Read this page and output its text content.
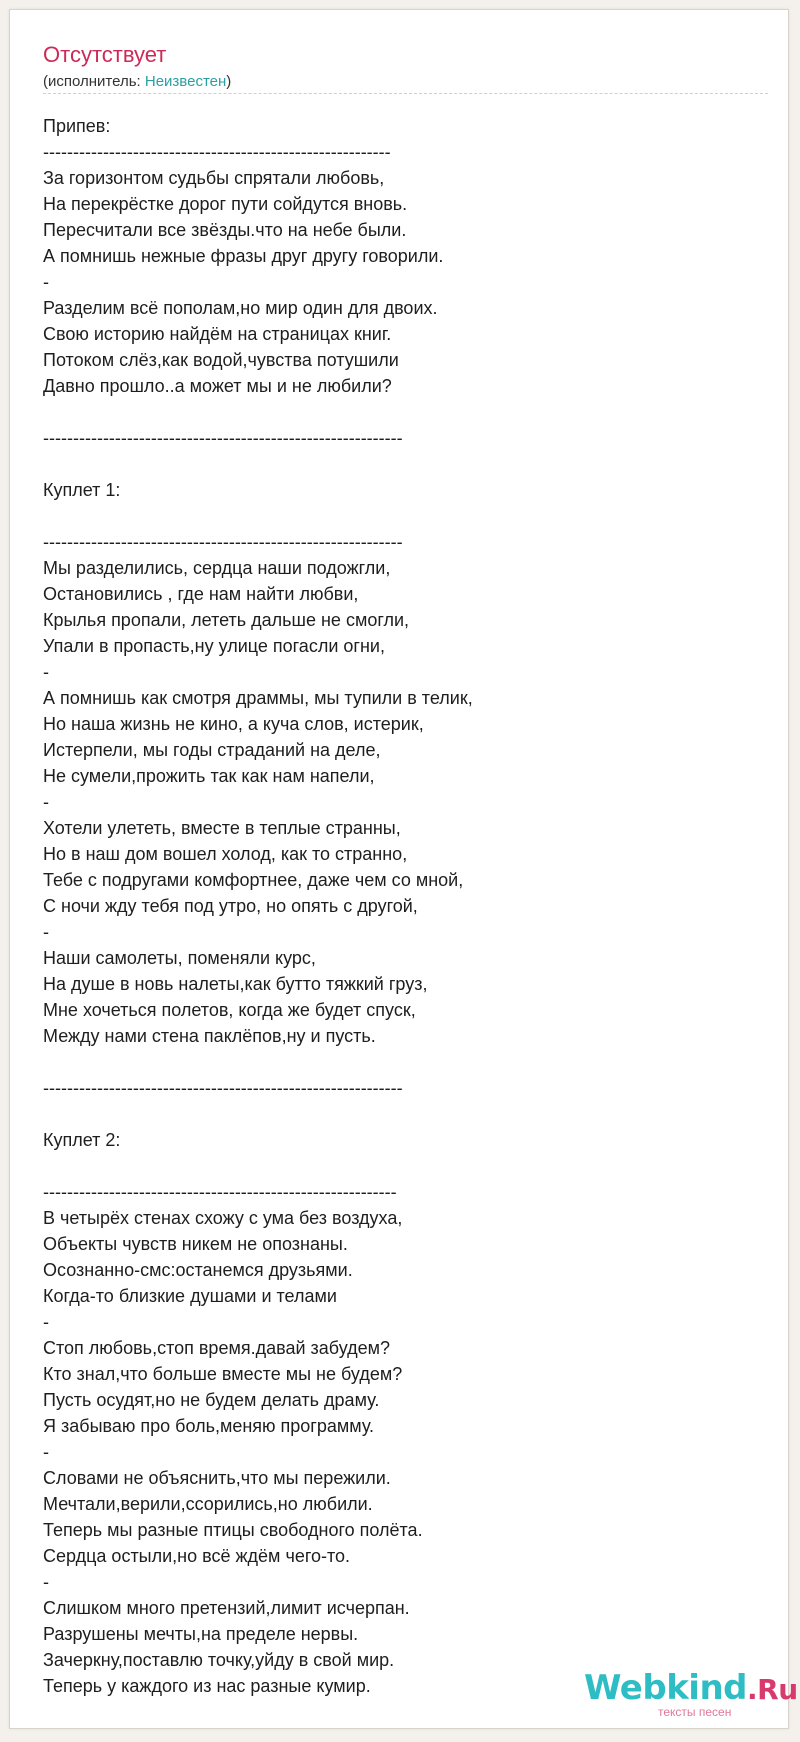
Отсутствует
(исполнитель: Неизвестен)
Припев:
----------------------------------------------------------
За горизонтом судьбы спрятали любовь,
На перекрёстке дорог пути сойдутся вновь.
Пересчитали все звёзды.что на небе были.
А помнишь нежные фразы друг другу говорили.
-
Разделим всё пополам,но мир один для двоих.
Свою историю найдём на страницах книг.
Потоком слёз,как водой,чувства потушили
Давно прошло..а может мы и не любили?
------------------------------------------------------------
Куплет 1:
------------------------------------------------------------
Мы разделились, сердца наши подожгли,
Остановились , где нам найти любви,
Крылья пропали, лететь дальше не смогли,
Упали в пропасть,ну улице погасли огни,
-
А помнишь как смотря драммы, мы тупили в телик,
Но наша жизнь не кино, а куча слов, истерик,
Истерпели, мы годы страданий на деле,
Не сумели,прожить так как нам напели,
-
Хотели улететь, вместе в теплые странны,
Но в наш дом вошел холод, как то странно,
Тебе с подругами комфортнее, даже чем со мной,
С ночи жду тебя под утро, но опять с другой,
-
Наши самолеты, поменяли курс,
На душе в новь налеты,как бутто тяжкий груз,
Мне хочеться полетов, когда же будет спуск,
Между нами стена паклёпов,ну и пусть.
------------------------------------------------------------
Куплет 2:
-----------------------------------------------------------
В четырёх стенах схожу с ума без воздуха,
Объекты чувств никем не опознаны.
Осознанно-смс:останемся друзьями.
Когда-то близкие душами и телами
-
Стоп любовь,стоп время.давай забудем?
Кто знал,что больше вместе мы не будем?
Пусть осудят,но не будем делать драму.
Я забываю про боль,меняю программу.
-
Словами не объяснить,что мы пережили.
Мечтали,верили,ссорились,но любили.
Теперь мы разные птицы свободного полёта.
Сердца остыли,но всё ждём чего-то.
-
Слишком много претензий,лимит исчерпан.
Разрушены мечты,на пределе нервы.
Зачеркну,поставлю точку,уйду в свой мир.
Теперь у каждого из нас разные кумир.	Webkind.Ru
тексты песен
